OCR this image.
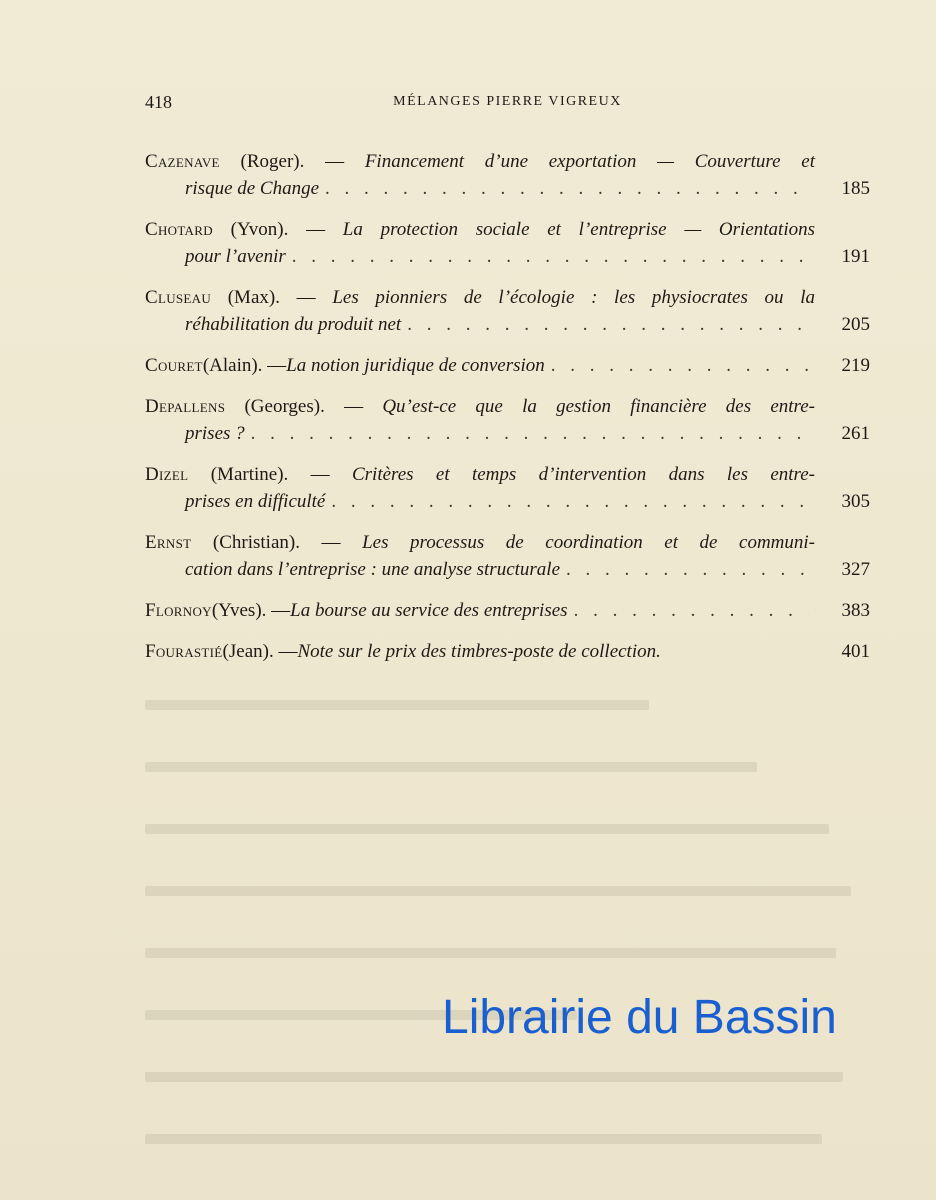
418	MÉLANGES PIERRE VIGREUX
Cazenave (Roger). — Financement d’une exportation — Couverture et
risque de Change . . .	185
Chotard (Yvon). — La protection sociale et l’entreprise — Orientations
pour l’avenir . . .	191
Cluseau (Max). — Les pionniers de l’écologie : les physiocrates ou la
réhabilitation du produit net . . .	205
Couret (Alain). — La notion juridique de conversion . . .	219
Depallens (Georges). — Qu’est-ce que la gestion financière des entre-
prises ? . . .	261
Dizel (Martine). — Critères et temps d’intervention dans les entre-
prises en difficulté . . .	305
Ernst (Christian). — Les processus de coordination et de communi-
cation dans l’entreprise : une analyse structurale . . .	327
Flornoy (Yves). — La bourse au service des entreprises . . .	383
Fourastié (Jean). — Note sur le prix des timbres-poste de collection.	401
Librairie du Bassin
